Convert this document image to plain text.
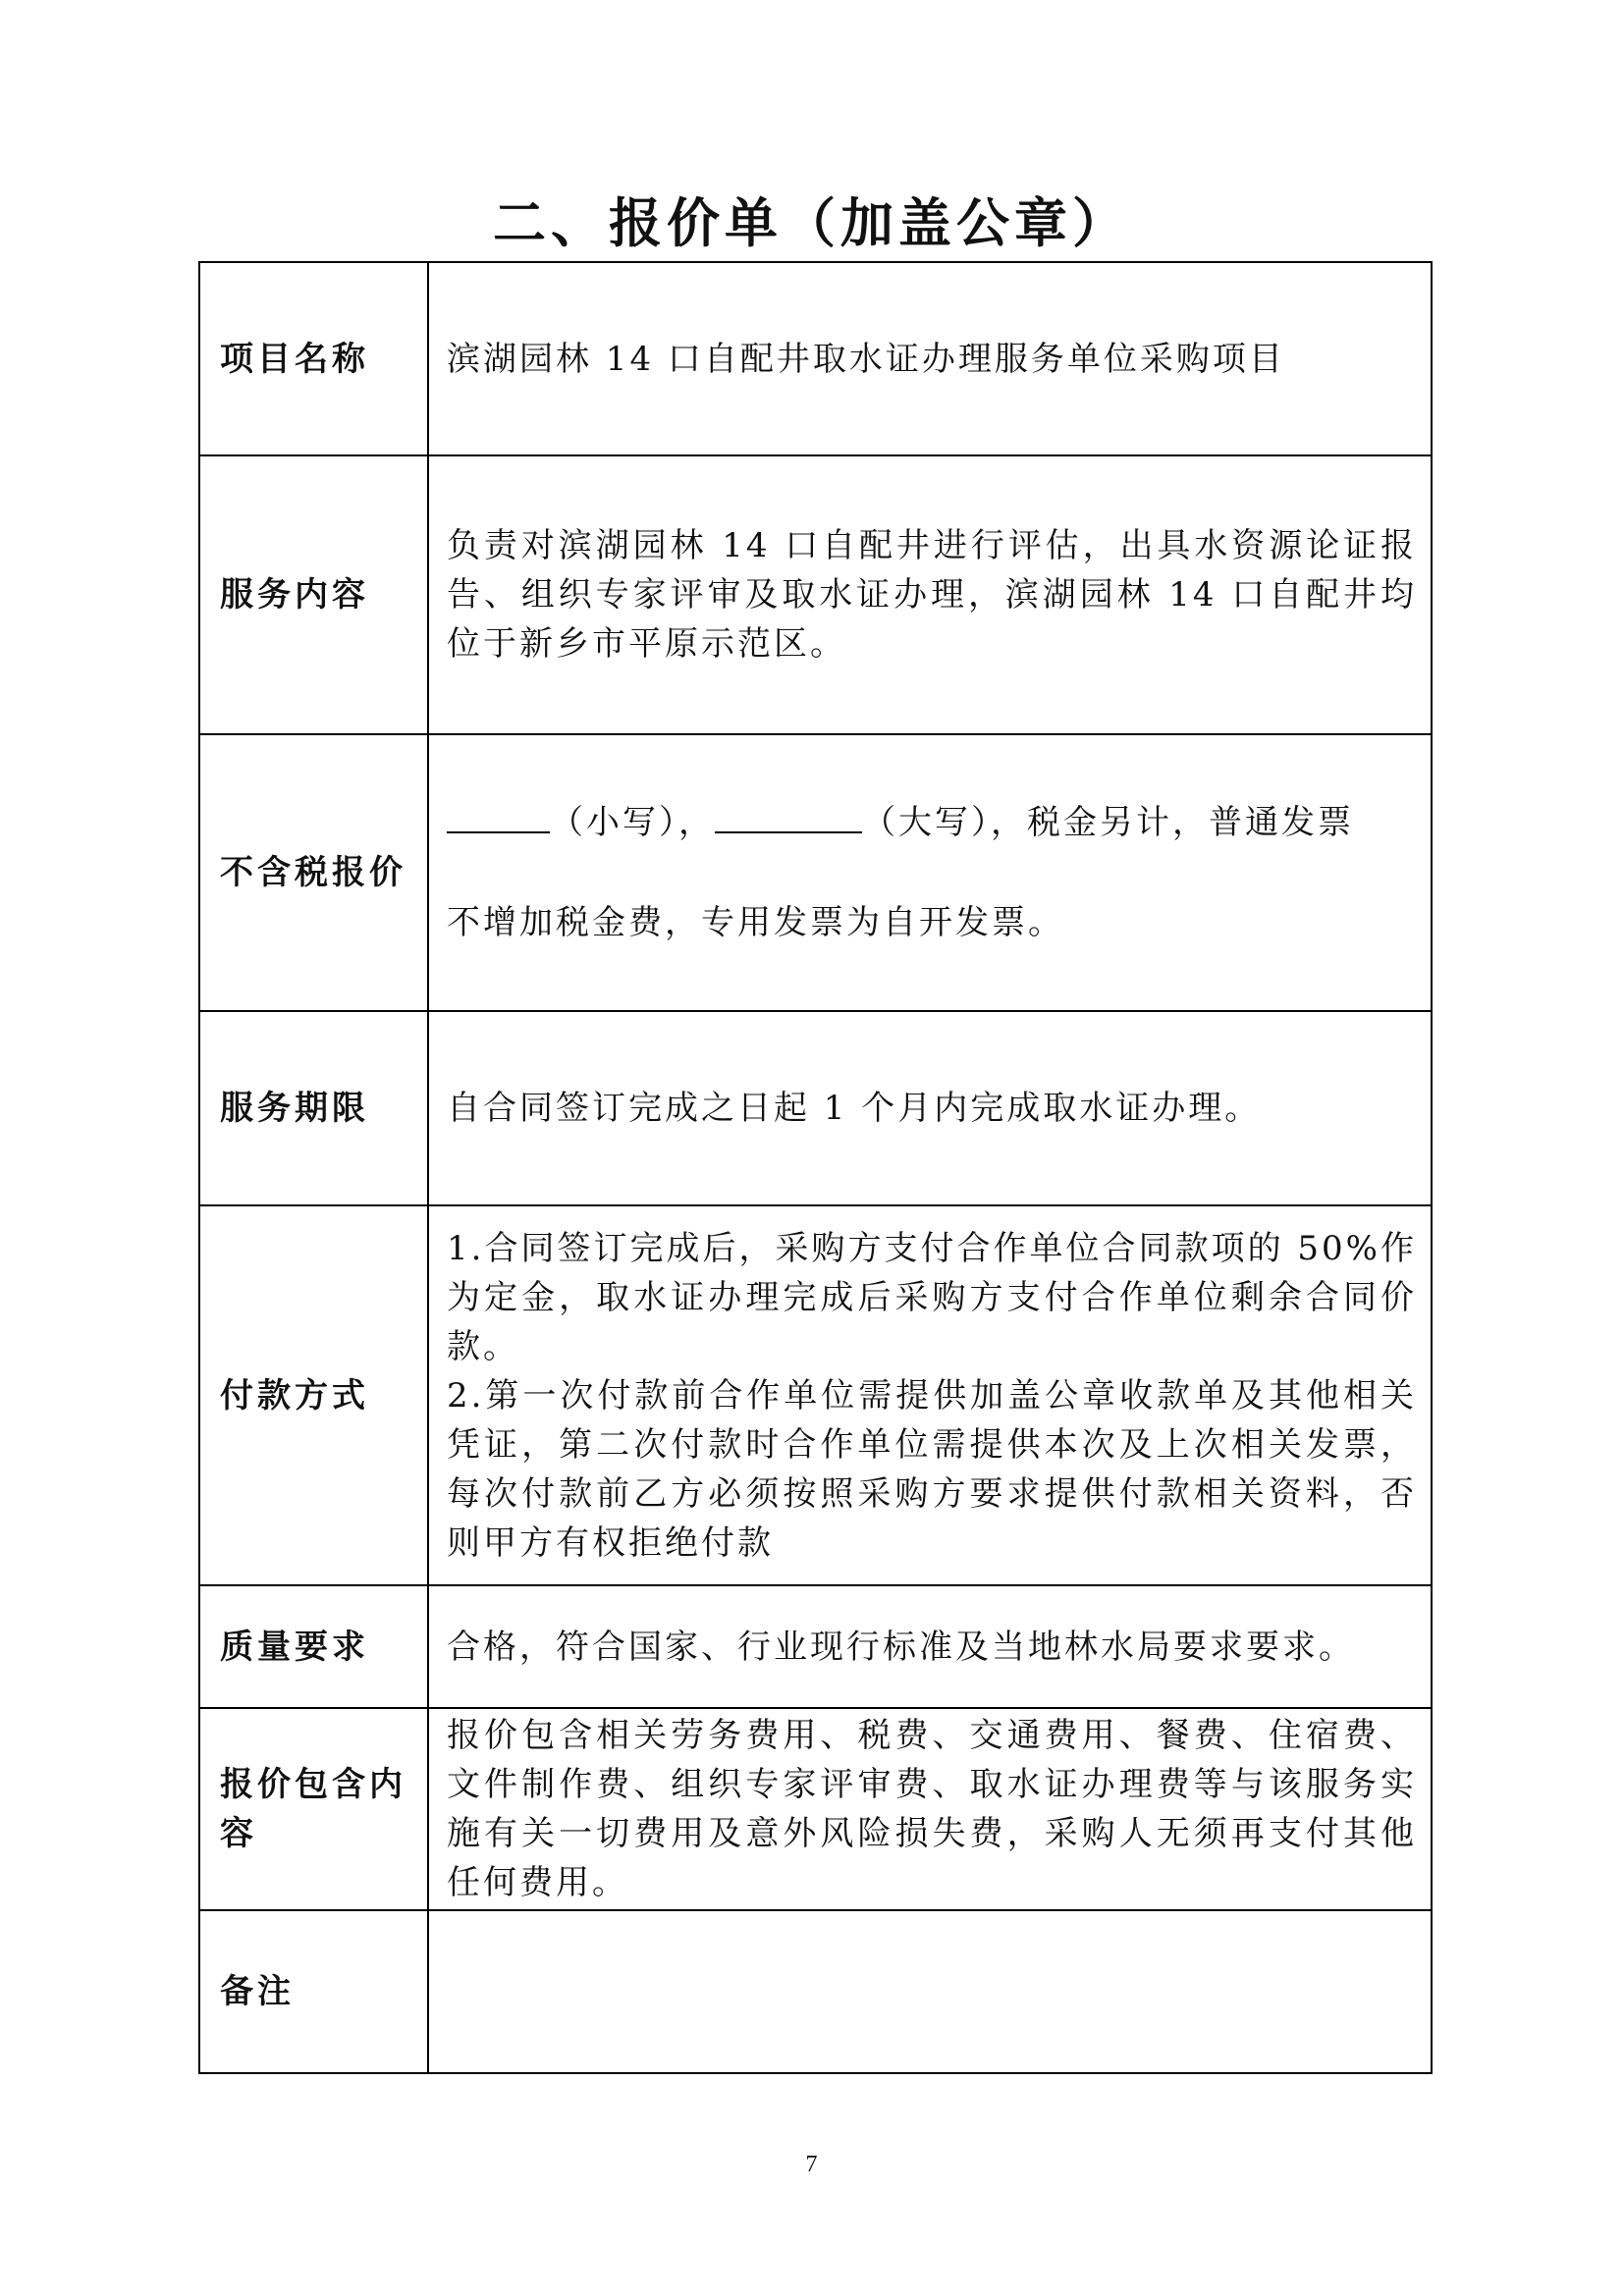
二、报价单（加盖公章）
项目名称	滨湖园林 14 口自配井取水证办理服务单位采购项目
服务内容	负责对滨湖园林 14 口自配井进行评估，出具水资源论证报告、组织专家评审及取水证办理，滨湖园林 14 口自配井均位于新乡市平原示范区。
不含税报价	（小写）， （大写），税金另计，普通发票
不增加税金费，专用发票为自开发票。

服务期限	自合同签订完成之日起 1 个月内完成取水证办理。
付款方式	1.合同签订完成后，采购方支付合作单位合同款项的 50%作为定金，取水证办理完成后采购方支付合作单位剩余合同价款。

2.第一次付款前合作单位需提供加盖公章收款单及其他相关凭证，第二次付款时合作单位需提供本次及上次相关发票，每次付款前乙方必须按照采购方要求提供付款相关资料，否则甲方有权拒绝付款

质量要求	合格，符合国家、行业现行标准及当地林水局要求要求。
报价包含内容	报价包含相关劳务费用、税费、交通费用、餐费、住宿费、文件制作费、组织专家评审费、取水证办理费等与该服务实施有关一切费用及意外风险损失费，采购人无须再支付其他任何费用。
备注	
7
